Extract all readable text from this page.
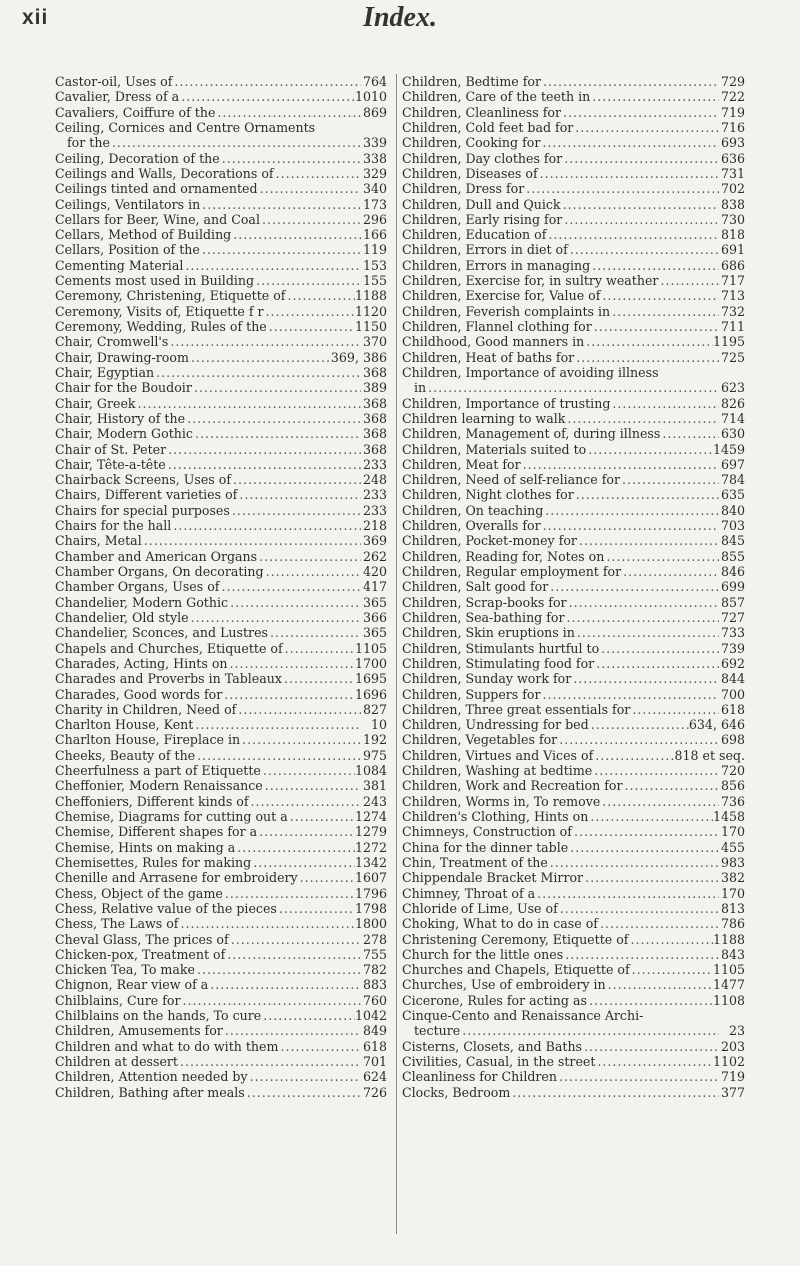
xii	Index.
Castor-oil, Uses of .....	764
Cavalier, Dress of a .....	1010
Cavaliers, Coiffure of the .....	869
Ceiling, Cornices and Centre Ornaments
for the .....	339
Ceiling, Decoration of the .....	338
Ceilings and Walls, Decorations of .....	329
Ceilings tinted and ornamented .....	340
Ceilings, Ventilators in .....	173
Cellars for Beer, Wine, and Coal .....	296
Cellars, Method of Building .....	166
Cellars, Position of the .....	119
Cementing Material .....	153
Cements most used in Building .....	155
Ceremony, Christening, Etiquette of .....	1188
Ceremony, Visits of, Etiquette f r .....	1120
Ceremony, Wedding, Rules of the .....	1150
Chair, Cromwell's .....	370
Chair, Drawing-room .....	369, 386
Chair, Egyptian .....	368
Chair for the Boudoir .....	389
Chair, Greek .....	368
Chair, History of the .....	368
Chair, Modern Gothic .....	368
Chair of St. Peter .....	368
Chair, Tête-a-tête .....	233
Chairback Screens, Uses of .....	248
Chairs, Different varieties of .....	233
Chairs for special purposes .....	233
Chairs for the hall .....	218
Chairs, Metal .....	369
Chamber and American Organs .....	262
Chamber Organs, On decorating .....	420
Chamber Organs, Uses of .....	417
Chandelier, Modern Gothic .....	365
Chandelier, Old style .....	366
Chandelier, Sconces, and Lustres .....	365
Chapels and Churches, Etiquette of .....	1105
Charades, Acting, Hints on .....	1700
Charades and Proverbs in Tableaux .....	1695
Charades, Good words for .....	1696
Charity in Children, Need of .....	827
Charlton House, Kent .....	10
Charlton House, Fireplace in .....	192
Cheeks, Beauty of the .....	975
Cheerfulness a part of Etiquette .....	1084
Cheffonier, Modern Renaissance .....	381
Cheffoniers, Different kinds of .....	243
Chemise, Diagrams for cutting out a .....	1274
Chemise, Different shapes for a .....	1279
Chemise, Hints on making a .....	1272
Chemisettes, Rules for making .....	1342
Chenille and Arrasene for embroidery .....	1607
Chess, Object of the game .....	1796
Chess, Relative value of the pieces .....	1798
Chess, The Laws of .....	1800
Cheval Glass, The prices of .....	278
Chicken-pox, Treatment of .....	755
Chicken Tea, To make .....	782
Chignon, Rear view of a .....	883
Chilblains, Cure for .....	760
Chilblains on the hands, To cure .....	1042
Children, Amusements for .....	849
Children and what to do with them .....	618
Children at dessert .....	701
Children, Attention needed by .....	624
Children, Bathing after meals .....	726
Children, Bedtime for .....	729
Children, Care of the teeth in .....	722
Children, Cleanliness for .....	719
Children, Cold feet bad for .....	716
Children, Cooking for .....	693
Children, Day clothes for .....	636
Children, Diseases of .....	731
Children, Dress for .....	702
Children, Dull and Quick .....	838
Children, Early rising for .....	730
Children, Education of .....	818
Children, Errors in diet of .....	691
Children, Errors in managing .....	686
Children, Exercise for, in sultry weather .....	717
Children, Exercise for, Value of .....	713
Children, Feverish complaints in .....	732
Children, Flannel clothing for .....	711
Childhood, Good manners in .....	1195
Children, Heat of baths for .....	725
Children, Importance of avoiding illness
in .....	623
Children, Importance of trusting .....	826
Children learning to walk .....	714
Children, Management of, during illness .....	630
Children, Materials suited to .....	1459
Children, Meat for .....	697
Children, Need of self-reliance for .....	784
Children, Night clothes for .....	635
Children, On teaching .....	840
Children, Overalls for .....	703
Children, Pocket-money for .....	845
Children, Reading for, Notes on .....	855
Children, Regular employment for .....	846
Children, Salt good for .....	699
Children, Scrap-books for .....	857
Children, Sea-bathing for .....	727
Children, Skin eruptions in .....	733
Children, Stimulants hurtful to .....	739
Children, Stimulating food for .....	692
Children, Sunday work for .....	844
Children, Suppers for .....	700
Children, Three great essentials for .....	618
Children, Undressing for bed .....	634, 646
Children, Vegetables for .....	698
Children, Virtues and Vices of .....	818 et seq.
Children, Washing at bedtime .....	720
Children, Work and Recreation for .....	856
Children, Worms in, To remove .....	736
Children's Clothing, Hints on .....	1458
Chimneys, Construction of .....	170
China for the dinner table .....	455
Chin, Treatment of the .....	983
Chippendale Bracket Mirror .....	382
Chimney, Throat of a .....	170
Chloride of Lime, Use of .....	813
Choking, What to do in case of .....	786
Christening Ceremony, Etiquette of .....	1188
Church for the little ones .....	843
Churches and Chapels, Etiquette of .....	1105
Churches, Use of embroidery in .....	1477
Cicerone, Rules for acting as .....	1108
Cinque-Cento and Renaissance Archi-
tecture .....	23
Cisterns, Closets, and Baths .....	203
Civilities, Casual, in the street .....	1102
Cleanliness for Children .....	719
Clocks, Bedroom .....	377
